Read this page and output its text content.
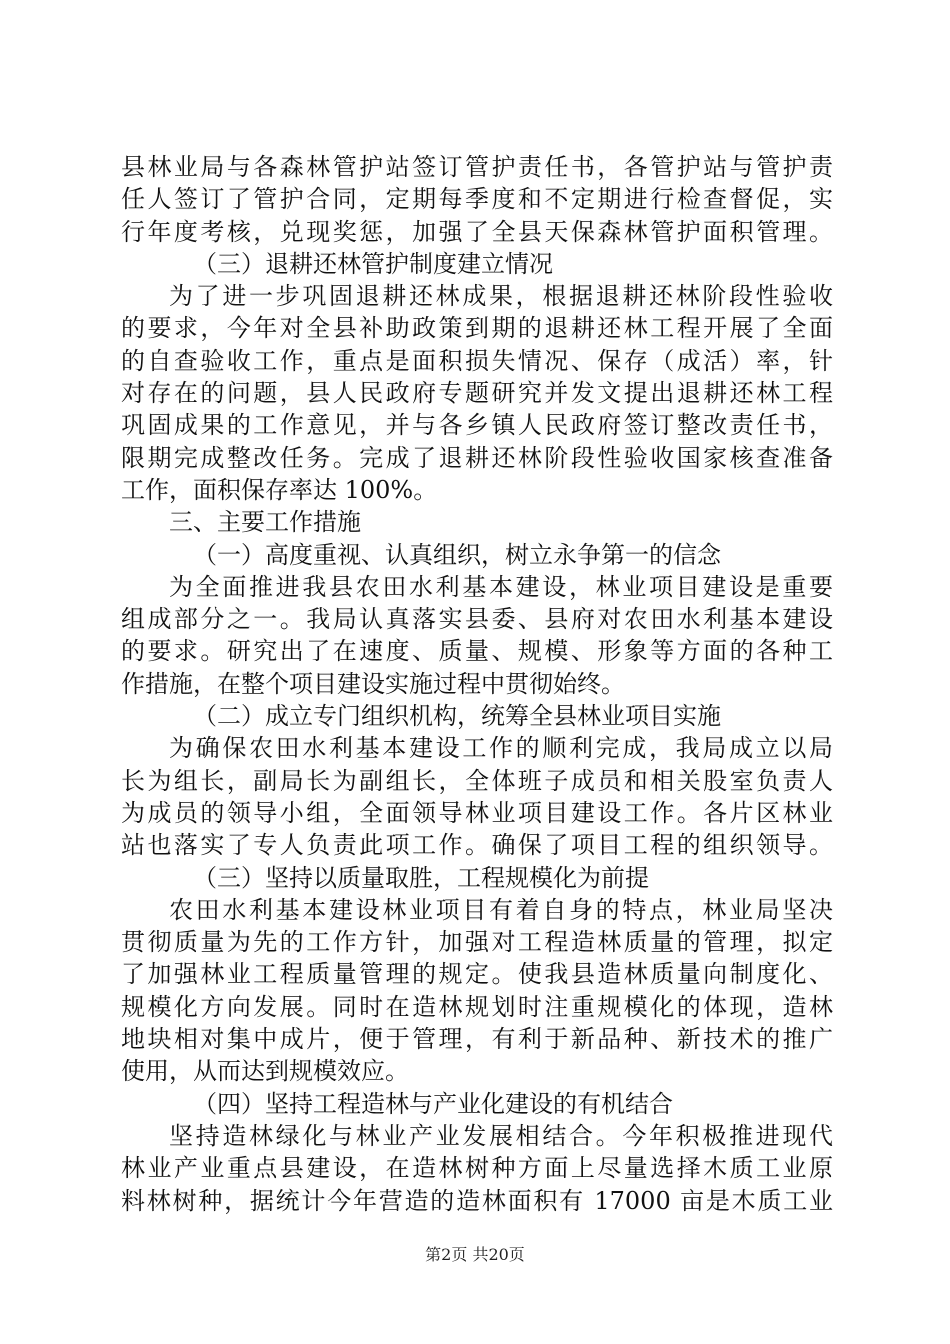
县林业局与各森林管护站签订管护责任书，各管护站与管护责
任人签订了管护合同，定期每季度和不定期进行检查督促，实
行年度考核，兑现奖惩，加强了全县天保森林管护面积管理。
（三）退耕还林管护制度建立情况
为了进一步巩固退耕还林成果，根据退耕还林阶段性验收
的要求，今年对全县补助政策到期的退耕还林工程开展了全面
的自查验收工作，重点是面积损失情况、保存（成活）率，针
对存在的问题，县人民政府专题研究并发文提出退耕还林工程
巩固成果的工作意见，并与各乡镇人民政府签订整改责任书，
限期完成整改任务。完成了退耕还林阶段性验收国家核查准备
工作，面积保存率达 100%。
三、主要工作措施
（一）高度重视、认真组织，树立永争第一的信念
为全面推进我县农田水利基本建设，林业项目建设是重要
组成部分之一。我局认真落实县委、县府对农田水利基本建设
的要求。研究出了在速度、质量、规模、形象等方面的各种工
作措施，在整个项目建设实施过程中贯彻始终。
（二）成立专门组织机构，统筹全县林业项目实施
为确保农田水利基本建设工作的顺利完成，我局成立以局
长为组长，副局长为副组长，全体班子成员和相关股室负责人
为成员的领导小组，全面领导林业项目建设工作。各片区林业
站也落实了专人负责此项工作。确保了项目工程的组织领导。
（三）坚持以质量取胜，工程规模化为前提
农田水利基本建设林业项目有着自身的特点，林业局坚决
贯彻质量为先的工作方针，加强对工程造林质量的管理，拟定
了加强林业工程质量管理的规定。使我县造林质量向制度化、
规模化方向发展。同时在造林规划时注重规模化的体现，造林
地块相对集中成片，便于管理，有利于新品种、新技术的推广
使用，从而达到规模效应。
（四）坚持工程造林与产业化建设的有机结合
坚持造林绿化与林业产业发展相结合。今年积极推进现代
林业产业重点县建设，在造林树种方面上尽量选择木质工业原
料林树种，据统计今年营造的造林面积有 17000 亩是木质工业
第2页 共20页
